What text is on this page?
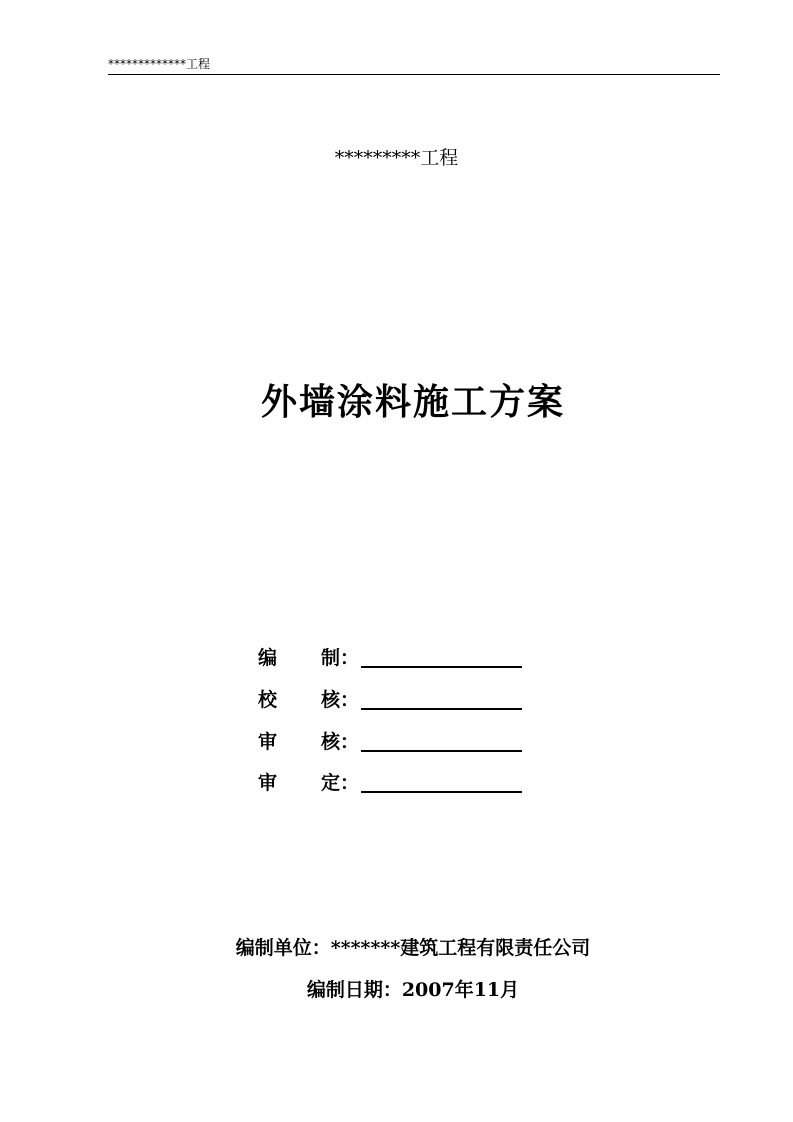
*************工程
*********工程
外墙涂料施工方案
编 制：
校 核：
审 核：
审 定：
编制单位：*******建筑工程有限责任公司
编制日期：2007年11月
